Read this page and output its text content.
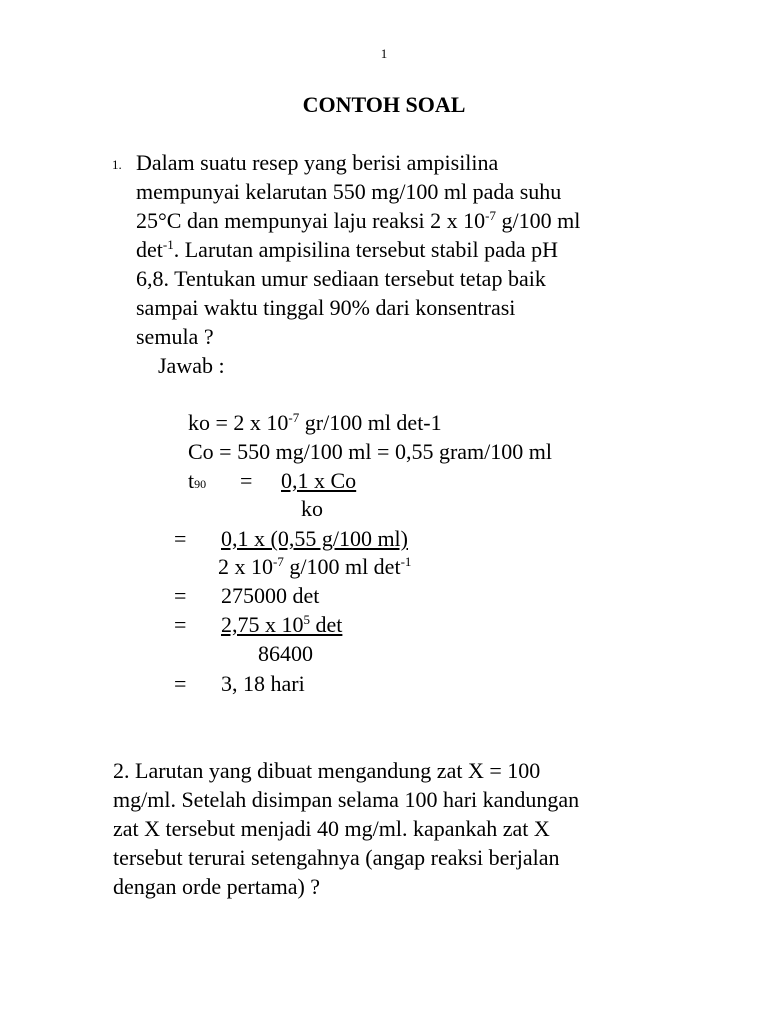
1
CONTOH SOAL
1. Dalam suatu resep yang berisi ampisilina
mempunyai kelarutan 550 mg/100 ml pada suhu
25°C dan mempunyai laju reaksi 2 x $10^{-7}$ g/100 ml
$\det^{-1}$. Larutan ampisilina tersebut stabil pada pH
6,8. Tentukan umur sediaan tersebut tetap baik
sampai waktu tinggal 90% dari konsentrasi
semula ?
Jawab :
ko = 2 x $10^{-7}$ gr/100 ml det-1
Co = 550 mg/100 ml = 0,55 gram/100 ml
t90 = 0,1 x Co
ko
= 0,1 x (0,55 g/100 ml)
2 x $10^{-7}$ g/100 ml $\det^{-1}$
= 275000 det
= 2,75 x $10^5$ det
86400
= 3, 18 hari
2. Larutan yang dibuat mengandung zat X = 100
mg/ml. Setelah disimpan selama 100 hari kandungan
zat X tersebut menjadi 40 mg/ml. kapankah zat X
tersebut terurai setengahnya (angap reaksi berjalan
dengan orde pertama) ?
